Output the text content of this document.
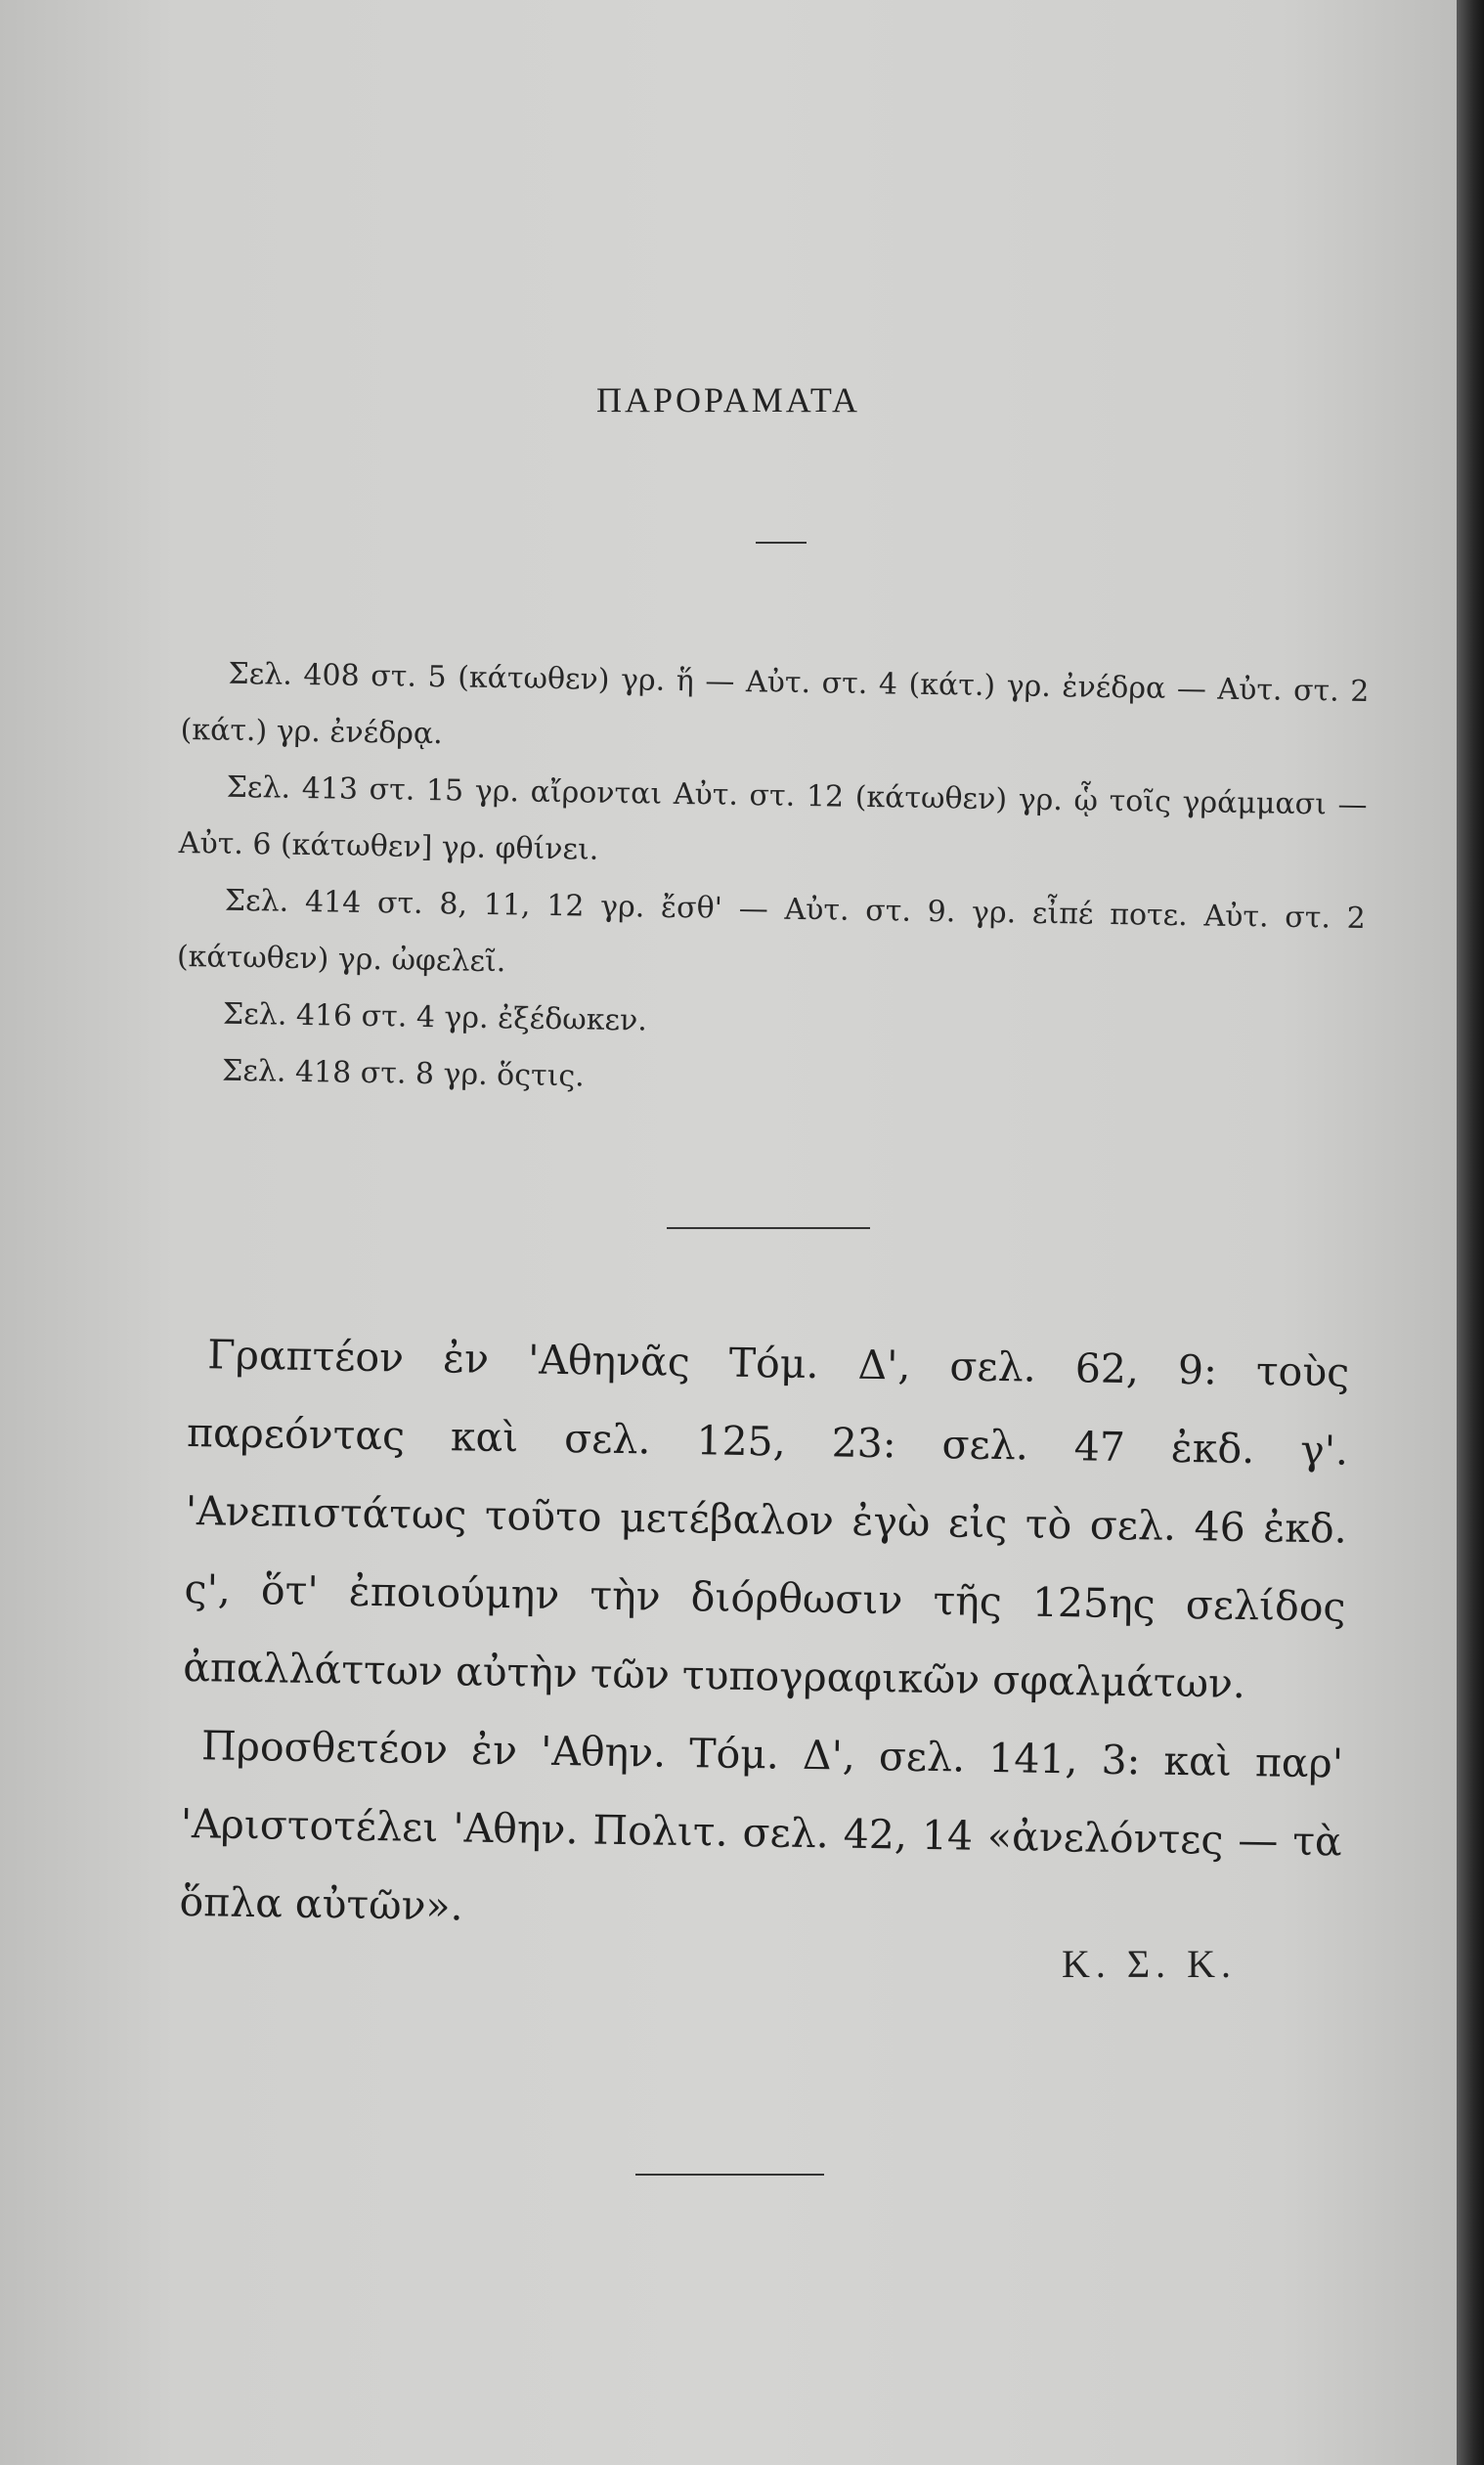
ΠΑΡΟΡΑΜΑΤΑ

Σελ. 408 στ. 5 (κάτωθεν) γρ. ἥ — Αὐτ. στ. 4 (κάτ.) γρ. ἐνέδρα — Αὐτ. στ. 2 (κάτ.) γρ. ἐνέδρᾳ.

Σελ. 413 στ. 15 γρ. αἴρονται Αὐτ. στ. 12 (κάτωθεν) γρ. ᾧ τοῖς γράμμασι — Αὐτ. 6 (κάτωθεν] γρ. φθίνει.

Σελ. 414 στ. 8, 11, 12 γρ. ἔσθ' — Αὐτ. στ. 9. γρ. εἶπέ ποτε. Αὐτ. στ. 2 (κάτωθεν) γρ. ὠφελεῖ.

Σελ. 416 στ. 4 γρ. ἐξέδωκεν.

Σελ. 418 στ. 8 γρ. ὅςτις.

Γραπτέον ἐν 'Αθηνᾶς Τόμ. Δ', σελ. 62, 9: τοὺς παρεόντας καὶ σελ. 125, 23: σελ. 47 ἐκδ. γ'. 'Ανεπιστάτως τοῦτο μετέβαλον ἐγὼ εἰς τὸ σελ. 46 ἐκδ. ς', ὅτ' ἐποιούμην τὴν διόρθωσιν τῆς 125ης σελίδος ἀπαλλάττων αὐτὴν τῶν τυπογραφικῶν σφαλμάτων.

Προσθετέον ἐν 'Αθην. Τόμ. Δ', σελ. 141, 3: καὶ παρ' 'Αριστοτέλει 'Αθην. Πολιτ. σελ. 42, 14 «ἀνελόντες — τὰ ὅπλα αὐτῶν».

Κ. Σ. Κ.
